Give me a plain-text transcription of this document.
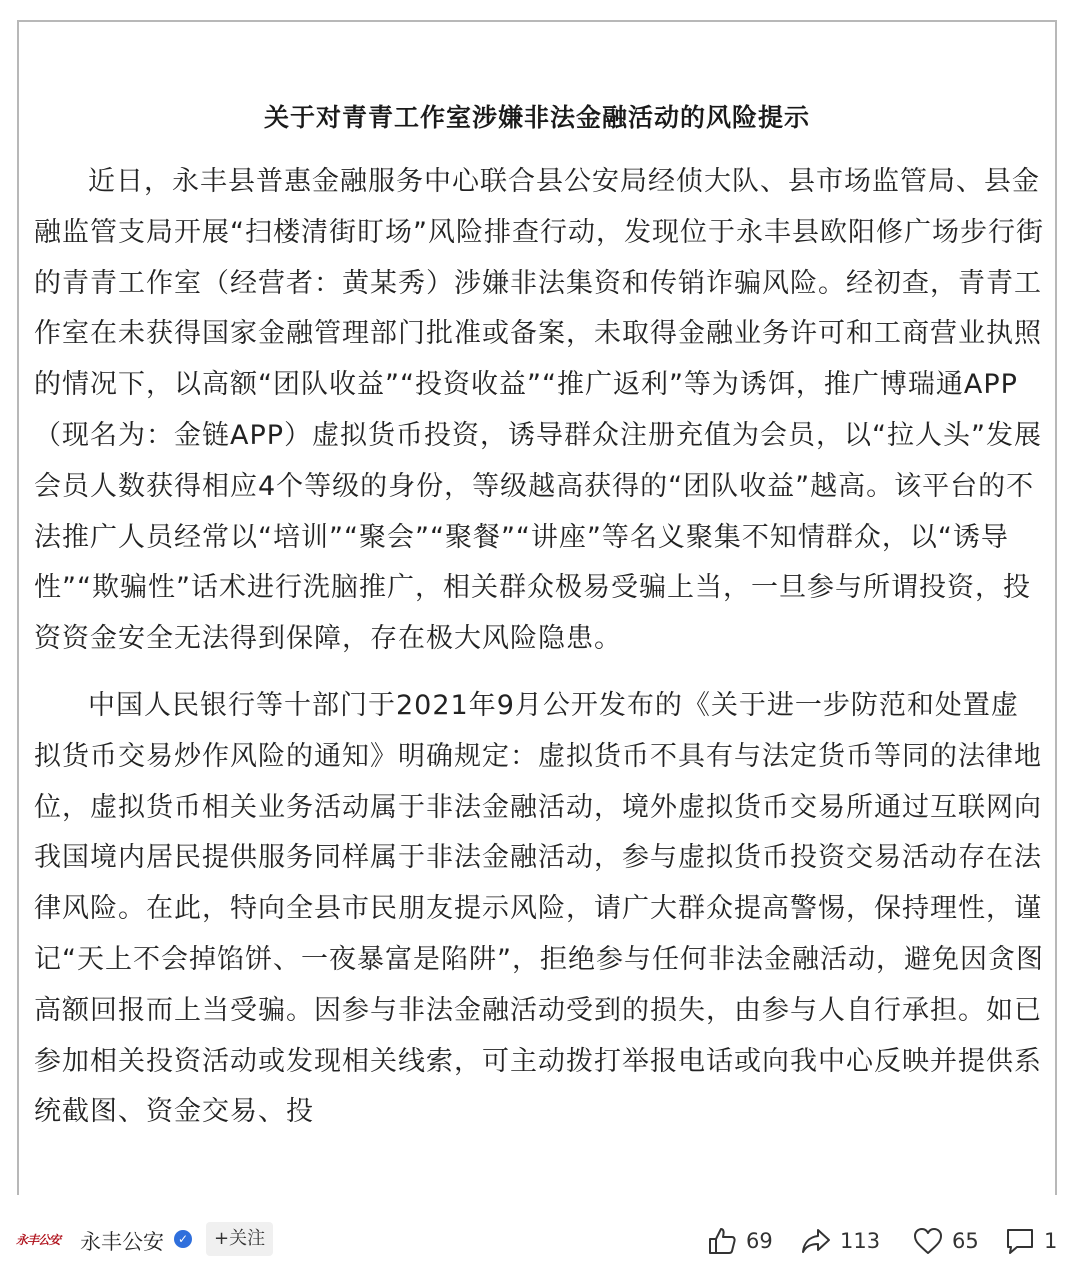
关于对青青工作室涉嫌非法金融活动的风险提示

近日，永丰县普惠金融服务中心联合县公安局经侦大队、县市场监管局、县金融监管支局开展“扫楼清街盯场”风险排查行动，发现位于永丰县欧阳修广场步行街的青青工作室（经营者：黄某秀）涉嫌非法集资和传销诈骗风险。经初查，青青工作室在未获得国家金融管理部门批准或备案，未取得金融业务许可和工商营业执照的情况下，以高额“团队收益”“投资收益”“推广返利”等为诱饵，推广博瑞通APP（现名为：金链APP）虚拟货币投资，诱导群众注册充值为会员，以“拉人头”发展会员人数获得相应4个等级的身份，等级越高获得的“团队收益”越高。该平台的不法推广人员经常以“培训”“聚会”“聚餐”“讲座”等名义聚集不知情群众，以“诱导性”“欺骗性”话术进行洗脑推广，相关群众极易受骗上当，一旦参与所谓投资，投资资金安全无法得到保障，存在极大风险隐患。

中国人民银行等十部门于2021年9月公开发布的《关于进一步防范和处置虚拟货币交易炒作风险的通知》明确规定：虚拟货币不具有与法定货币等同的法律地位，虚拟货币相关业务活动属于非法金融活动，境外虚拟货币交易所通过互联网向我国境内居民提供服务同样属于非法金融活动，参与虚拟货币投资交易活动存在法律风险。在此，特向全县市民朋友提示风险，请广大群众提高警惕，保持理性，谨记“天上不会掉馅饼、一夜暴富是陷阱”，拒绝参与任何非法金融活动，避免因贪图高额回报而上当受骗。因参与非法金融活动受到的损失，由参与人自行承担。如已参加相关投资活动或发现相关线索，可主动拨打举报电话或向我中心反映并提供系统截图、资金交易、投

永丰公安 永丰公安	✓	+关注	69	113	65	1
